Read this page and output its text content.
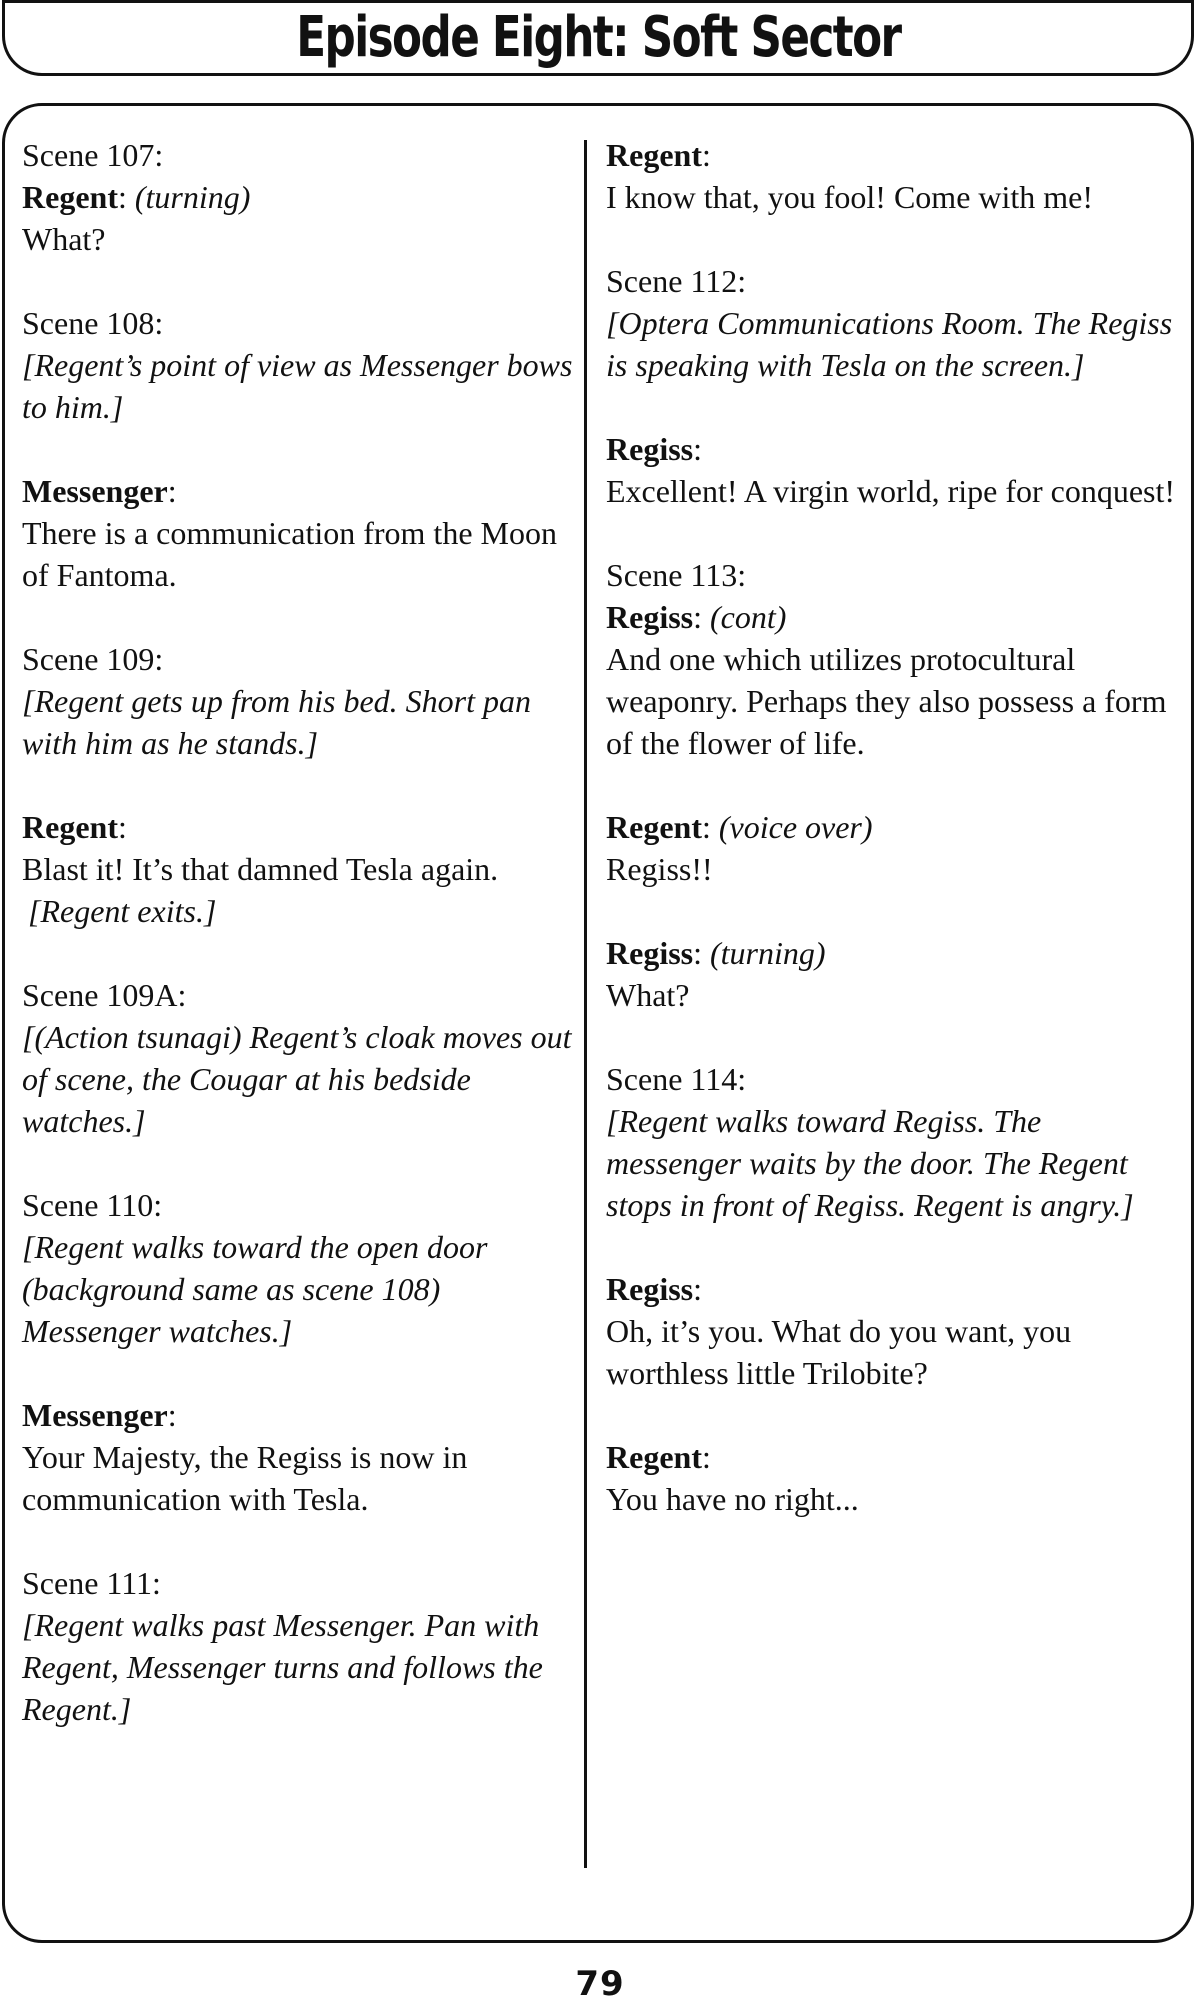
Episode Eight: Soft Sector
Scene 107:
Regent: (turning)
What?
Scene 108:
[Regent’s point of view as Messenger bows to him.]
Messenger:
There is a communication from the Moon of Fantoma.
Scene 109:
[Regent gets up from his bed. Short pan with him as he stands.]
Regent:
Blast it! It’s that damned Tesla again.
[Regent exits.]
Scene 109A:
[(Action tsunagi) Regent’s cloak moves out of scene, the Cougar at his bedside watches.]
Scene 110:
[Regent walks toward the open door (background same as scene 108) Messenger watches.]
Messenger:
Your Majesty, the Regiss is now in communication with Tesla.
Scene 111:
[Regent walks past Messenger. Pan with Regent, Messenger turns and follows the Regent.]
Regent:
I know that, you fool! Come with me!
Scene 112:
[Optera Communications Room. The Regiss is speaking with Tesla on the screen.]
Regiss:
Excellent! A virgin world, ripe for conquest!
Scene 113:
Regiss: (cont)
And one which utilizes protocultural weaponry. Perhaps they also possess a form of the flower of life.
Regent: (voice over)
Regiss!!
Regiss: (turning)
What?
Scene 114:
[Regent walks toward Regiss. The messenger waits by the door. The Regent stops in front of Regiss. Regent is angry.]
Regiss:
Oh, it’s you. What do you want, you worthless little Trilobite?
Regent:
You have no right...
79
